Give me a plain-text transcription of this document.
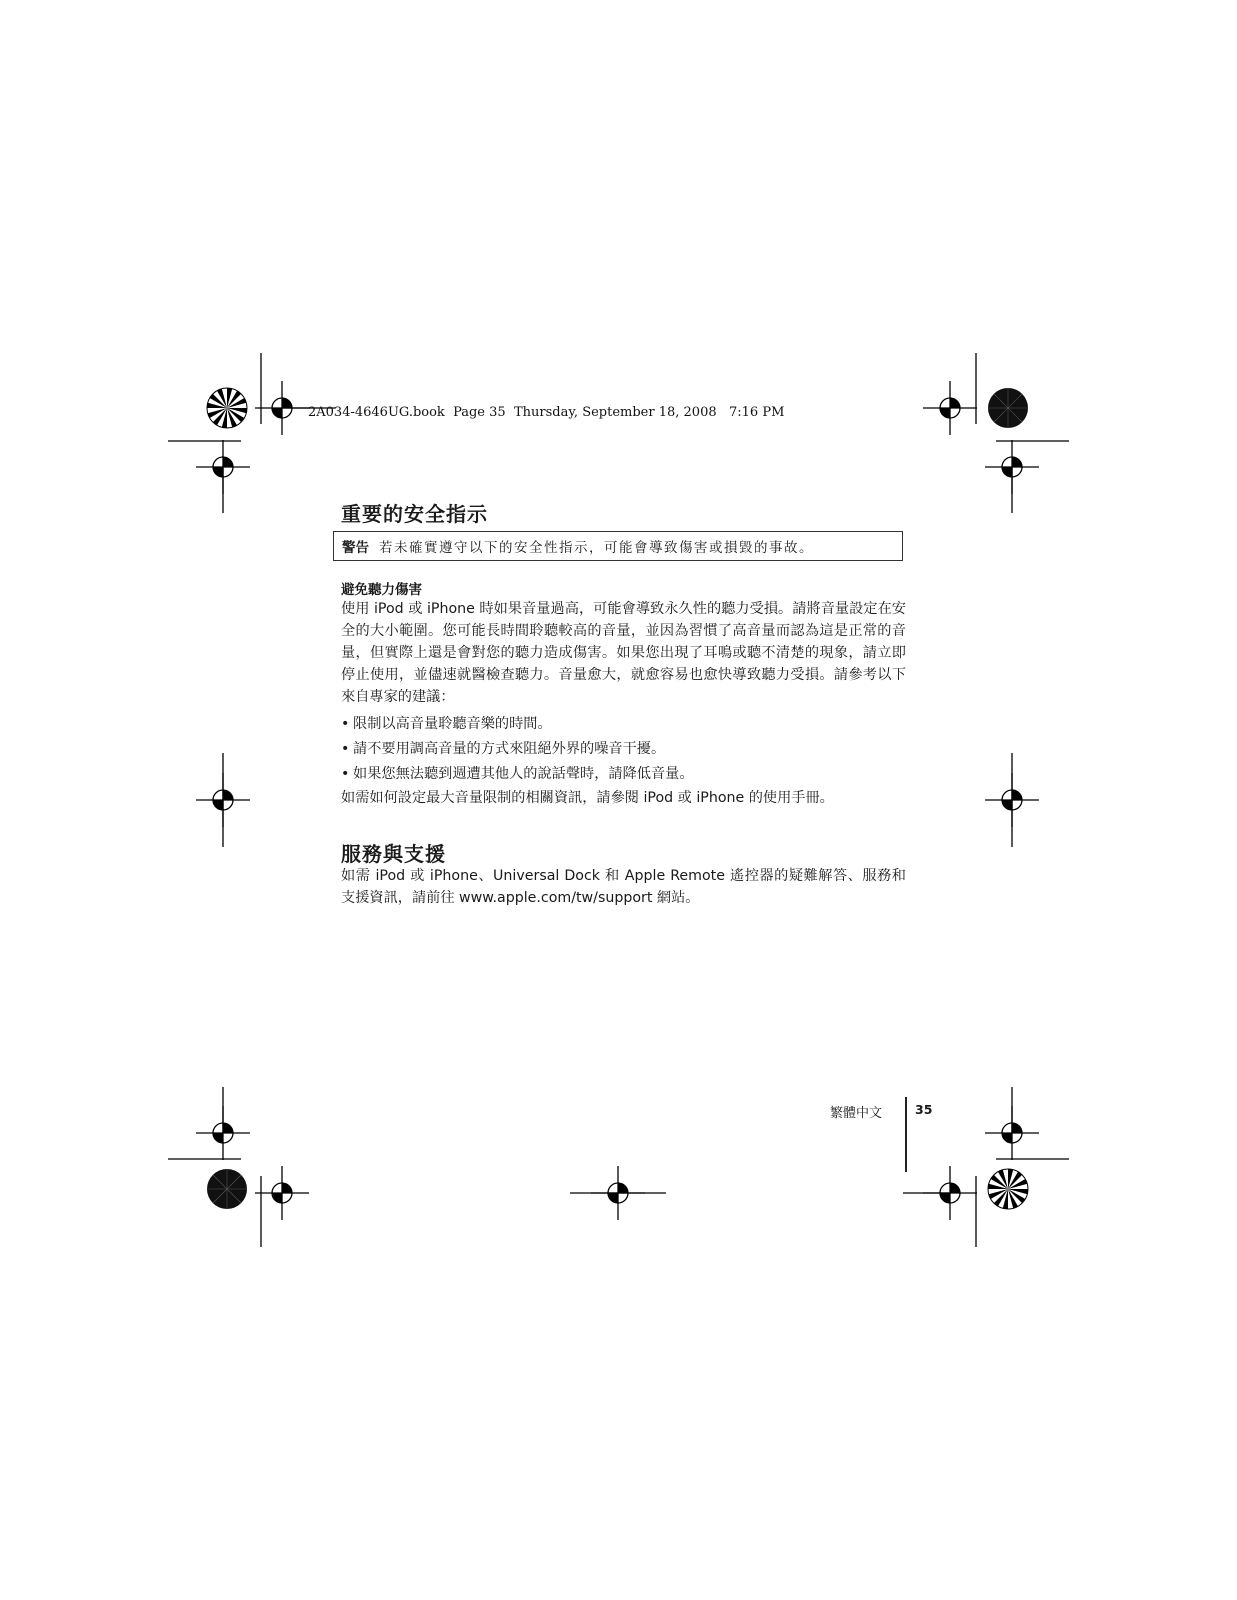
2A034-4646UG.book  Page 35  Thursday, September 18, 2008   7:16 PM
重要的安全指示
警告 若未確實遵守以下的安全性指示，可能會導致傷害或損毀的事故。
避免聽力傷害
使用 iPod 或 iPhone 時如果音量過高，可能會導致永久性的聽力受損。請將音量設定在安全的大小範圍。您可能長時間聆聽較高的音量，並因為習慣了高音量而認為這是正常的音量，但實際上還是會對您的聽力造成傷害。如果您出現了耳鳴或聽不清楚的現象，請立即停止使用，並儘速就醫檢查聽力。音量愈大，就愈容易也愈快導致聽力受損。請參考以下來自專家的建議：
• 限制以高音量聆聽音樂的時間。
• 請不要用調高音量的方式來阻絕外界的噪音干擾。
• 如果您無法聽到週遭其他人的說話聲時，請降低音量。
如需如何設定最大音量限制的相關資訊，請參閱 iPod 或 iPhone 的使用手冊。
服務與支援
如需 iPod 或 iPhone、Universal Dock 和 Apple Remote 遙控器的疑難解答、服務和支援資訊，請前往 www.apple.com/tw/support 網站。
繁體中文	35
